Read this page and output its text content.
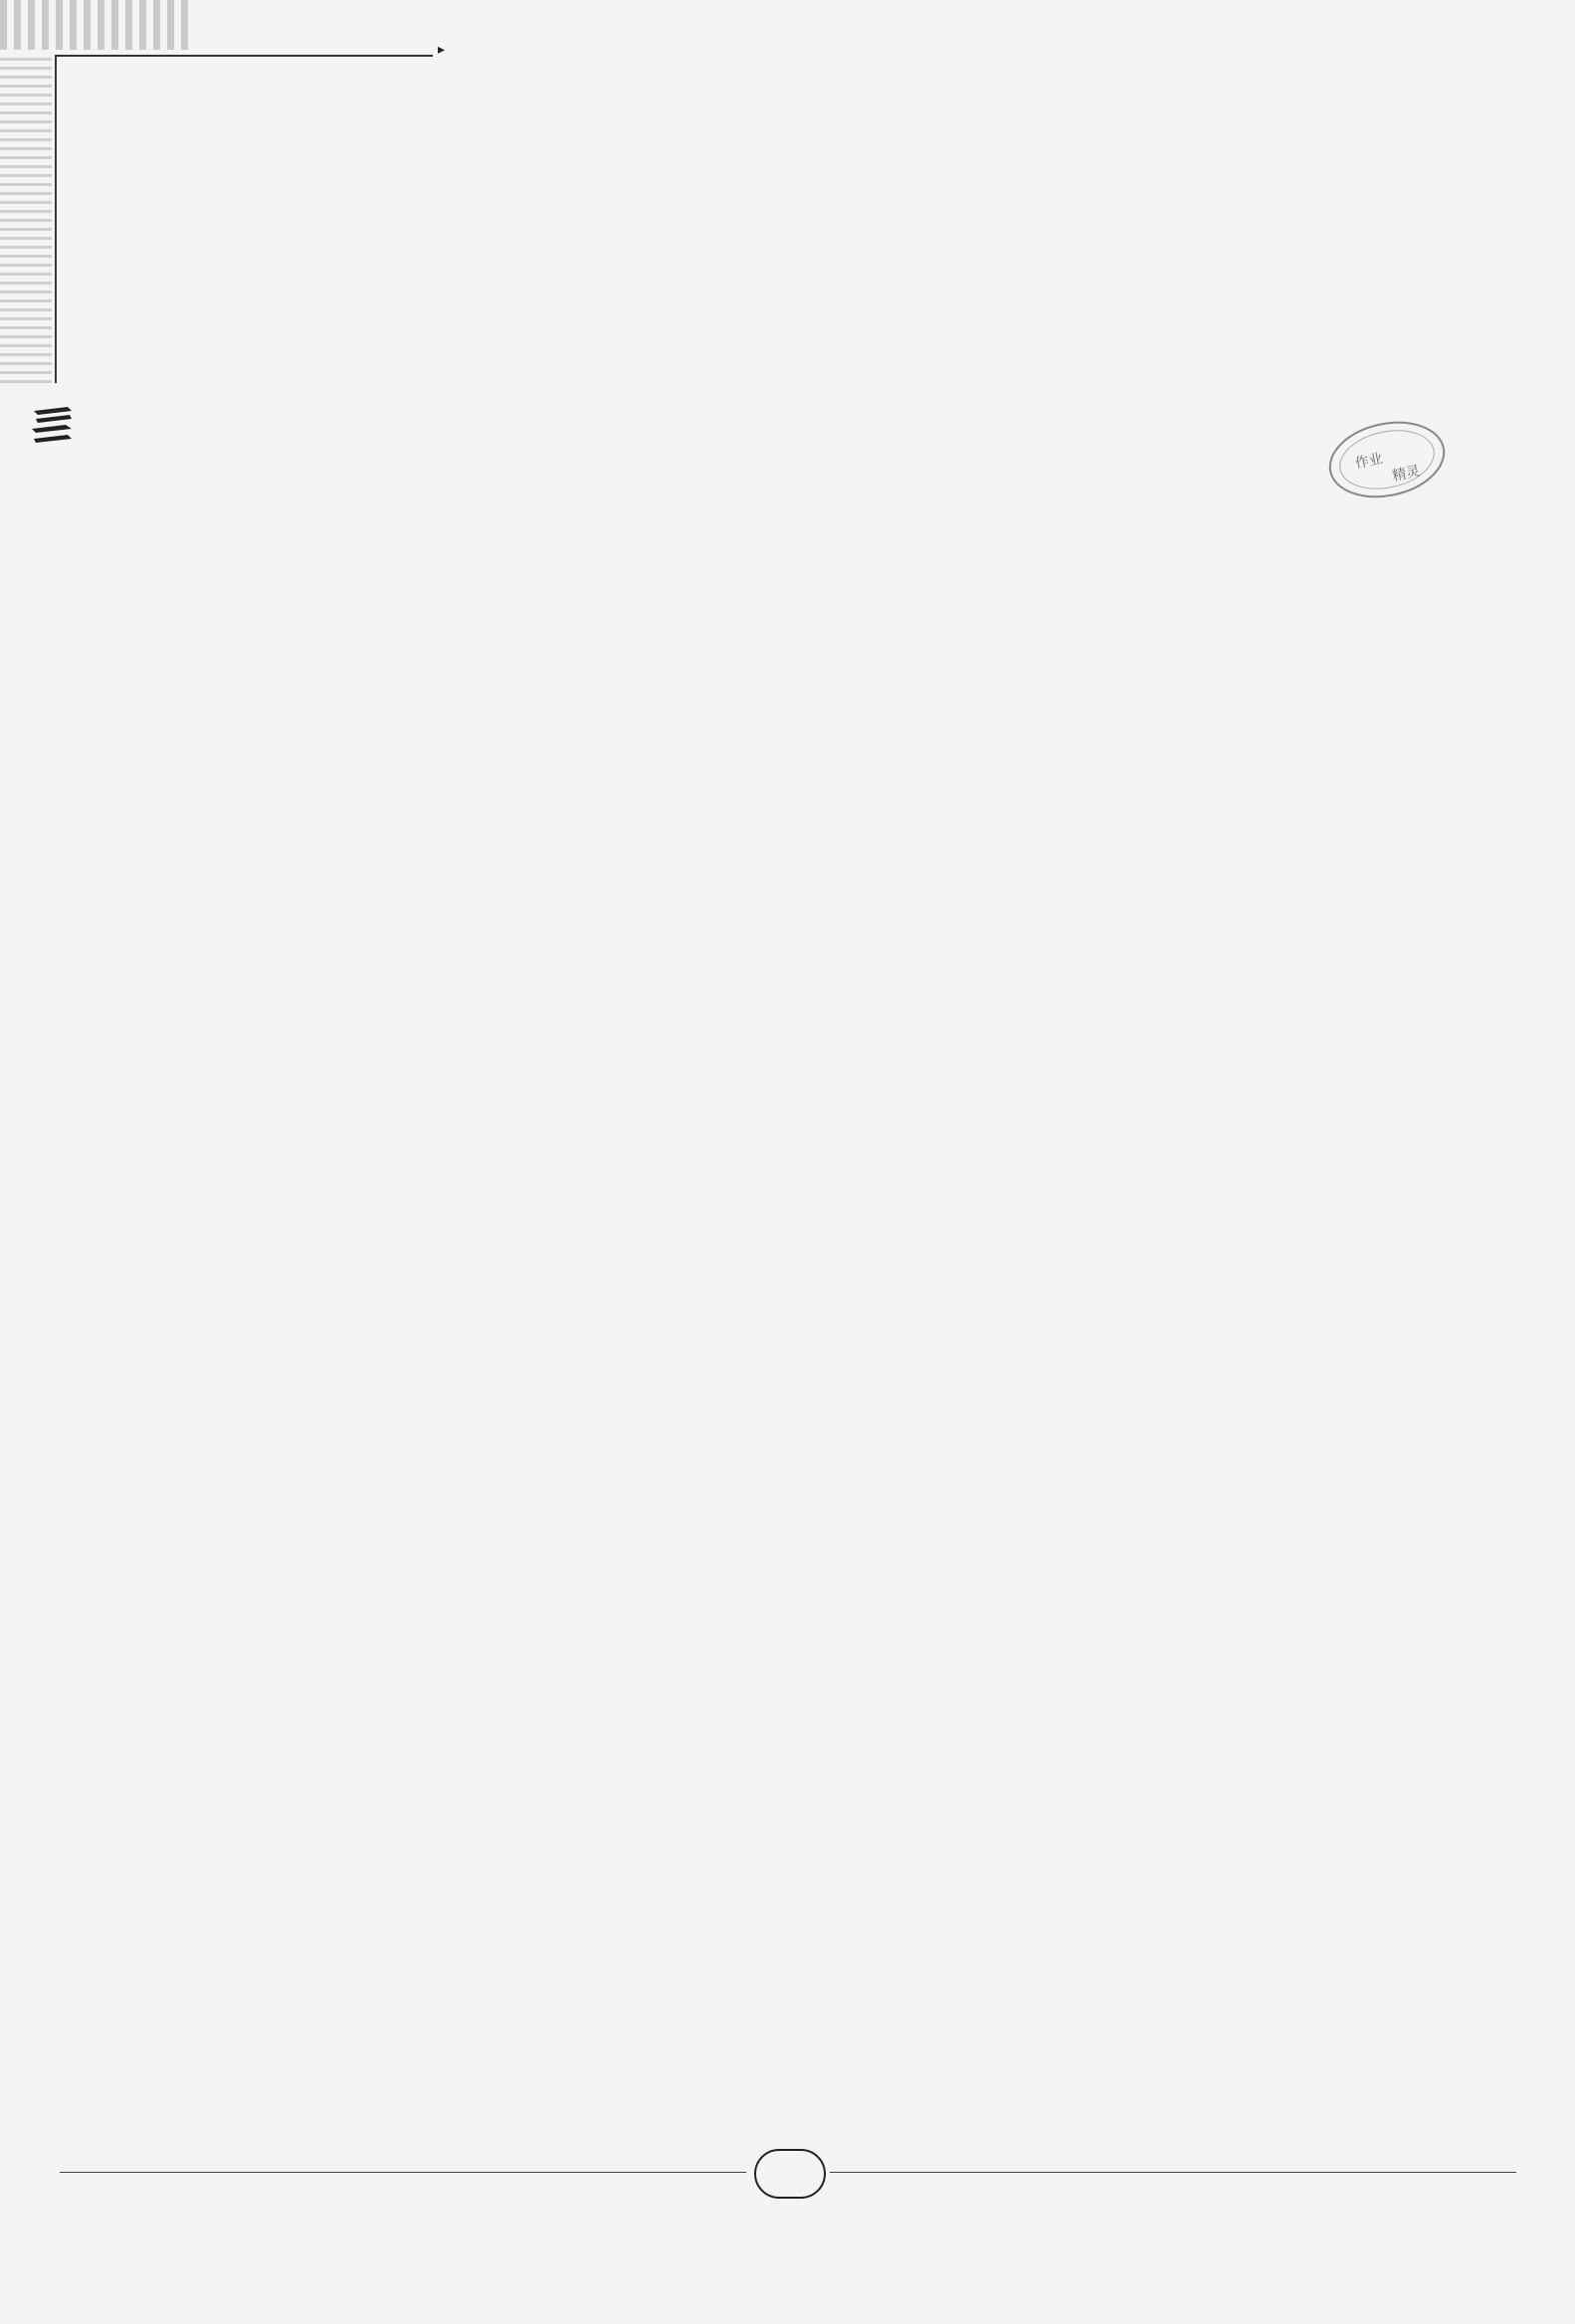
▸
作业
精灵
